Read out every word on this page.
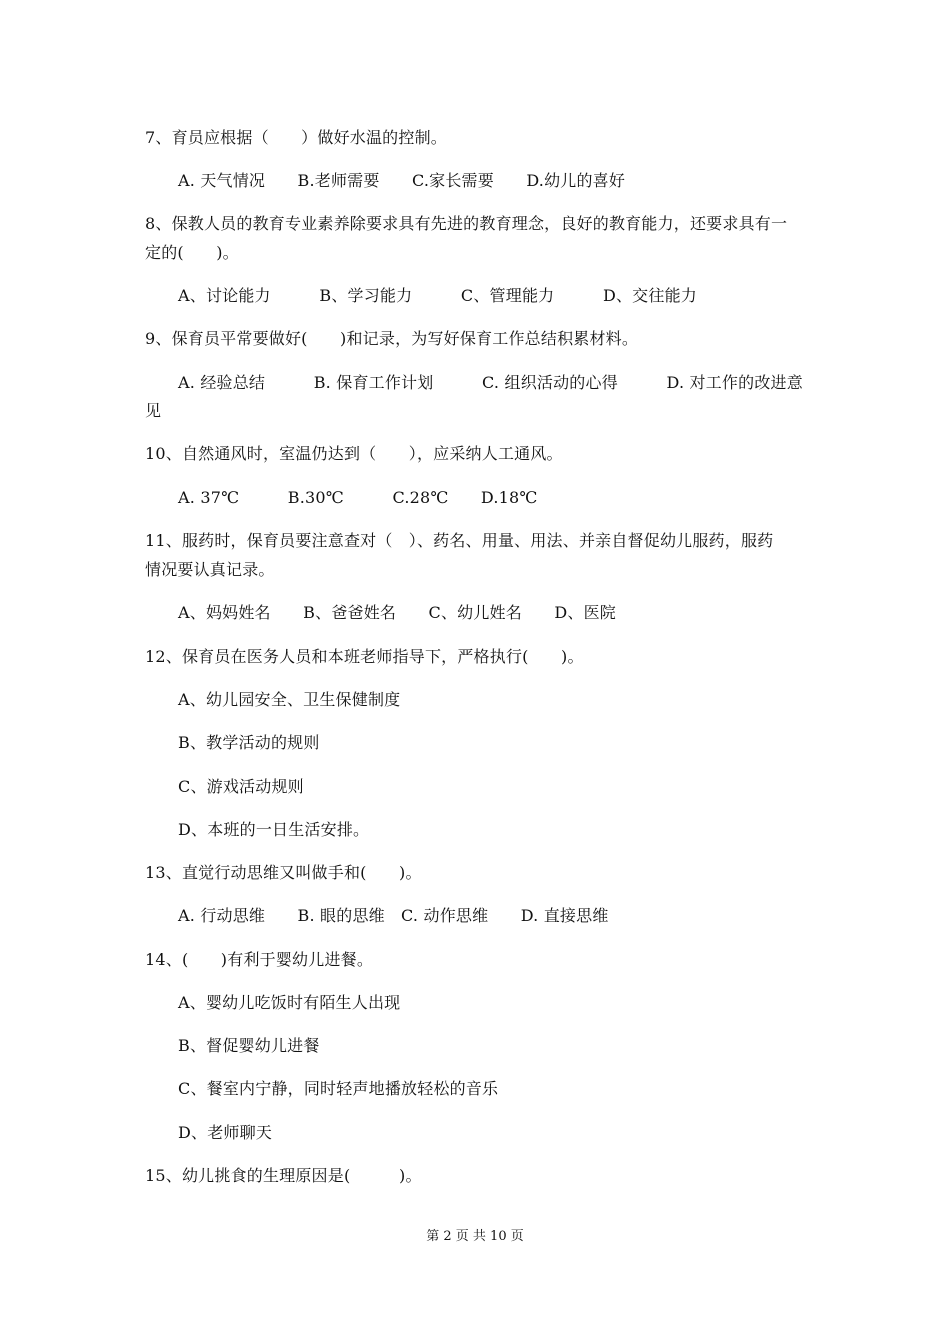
7、育员应根据（　　）做好水温的控制。
A. 天气情况　　B.老师需要　　C.家长需要　　D.幼儿的喜好
8、保教人员的教育专业素养除要求具有先进的教育理念，良好的教育能力，还要求具有一
定的(　　)。
A、讨论能力　　　B、学习能力　　　C、管理能力　　　D、交往能力
9、保育员平常要做好(　　)和记录，为写好保育工作总结积累材料。
A. 经验总结　　　B. 保育工作计划　　　C. 组织活动的心得　　　D. 对工作的改进意
见
10、自然通风时，室温仍达到（　　），应采纳人工通风。
A. 37℃　　　B.30℃　　　C.28℃　　D.18℃
11、服药时，保育员要注意查对（　）、药名、用量、用法、并亲自督促幼儿服药，服药
情况要认真记录。
A、妈妈姓名　　B、爸爸姓名　　C、幼儿姓名　　D、医院
12、保育员在医务人员和本班老师指导下，严格执行(　　)。
A、幼儿园安全、卫生保健制度
B、教学活动的规则
C、游戏活动规则
D、本班的一日生活安排。
13、直觉行动思维又叫做手和(　　)。
A. 行动思维　　B. 眼的思维　C. 动作思维　　D. 直接思维
14、(　　)有利于婴幼儿进餐。
A、婴幼儿吃饭时有陌生人出现
B、督促婴幼儿进餐
C、餐室内宁静，同时轻声地播放轻松的音乐
D、老师聊天
15、幼儿挑食的生理原因是(　　　)。
第 2 页 共 10 页
